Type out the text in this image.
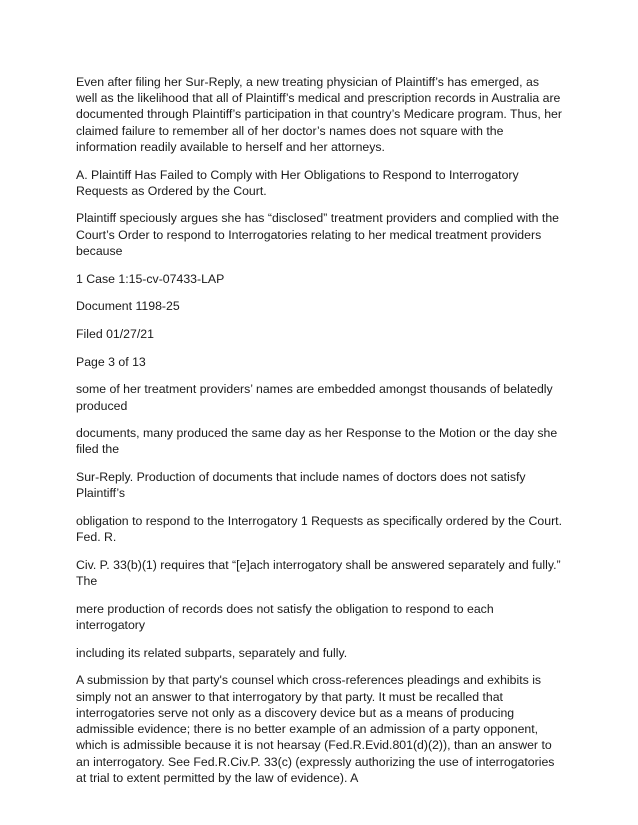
Even after filing her Sur-Reply, a new treating physician of Plaintiff’s has emerged, as well as the likelihood that all of Plaintiff’s medical and prescription records in Australia are documented through Plaintiff’s participation in that country’s Medicare program. Thus, her claimed failure to remember all of her doctor’s names does not square with the information readily available to herself and her attorneys.

A. Plaintiff Has Failed to Comply with Her Obligations to Respond to Interrogatory Requests as Ordered by the Court.

Plaintiff speciously argues she has “disclosed” treatment providers and complied with the Court’s Order to respond to Interrogatories relating to her medical treatment providers because

1 Case 1:15-cv-07433-LAP

Document 1198-25

Filed 01/27/21

Page 3 of 13

some of her treatment providers’ names are embedded amongst thousands of belatedly produced

documents, many produced the same day as her Response to the Motion or the day she filed the

Sur-Reply. Production of documents that include names of doctors does not satisfy Plaintiff’s

obligation to respond to the Interrogatory 1 Requests as specifically ordered by the Court. Fed. R.

Civ. P. 33(b)(1) requires that “[e]ach interrogatory shall be answered separately and fully.” The

mere production of records does not satisfy the obligation to respond to each interrogatory

including its related subparts, separately and fully.

A submission by that party's counsel which cross-references pleadings and exhibits is simply not an answer to that interrogatory by that party. It must be recalled that interrogatories serve not only as a discovery device but as a means of producing admissible evidence; there is no better example of an admission of a party opponent, which is admissible because it is not hearsay (Fed.R.Evid.801(d)(2)), than an answer to an interrogatory. See Fed.R.Civ.P. 33(c) (expressly authorizing the use of interrogatories at trial to extent permitted by the law of evidence). A
